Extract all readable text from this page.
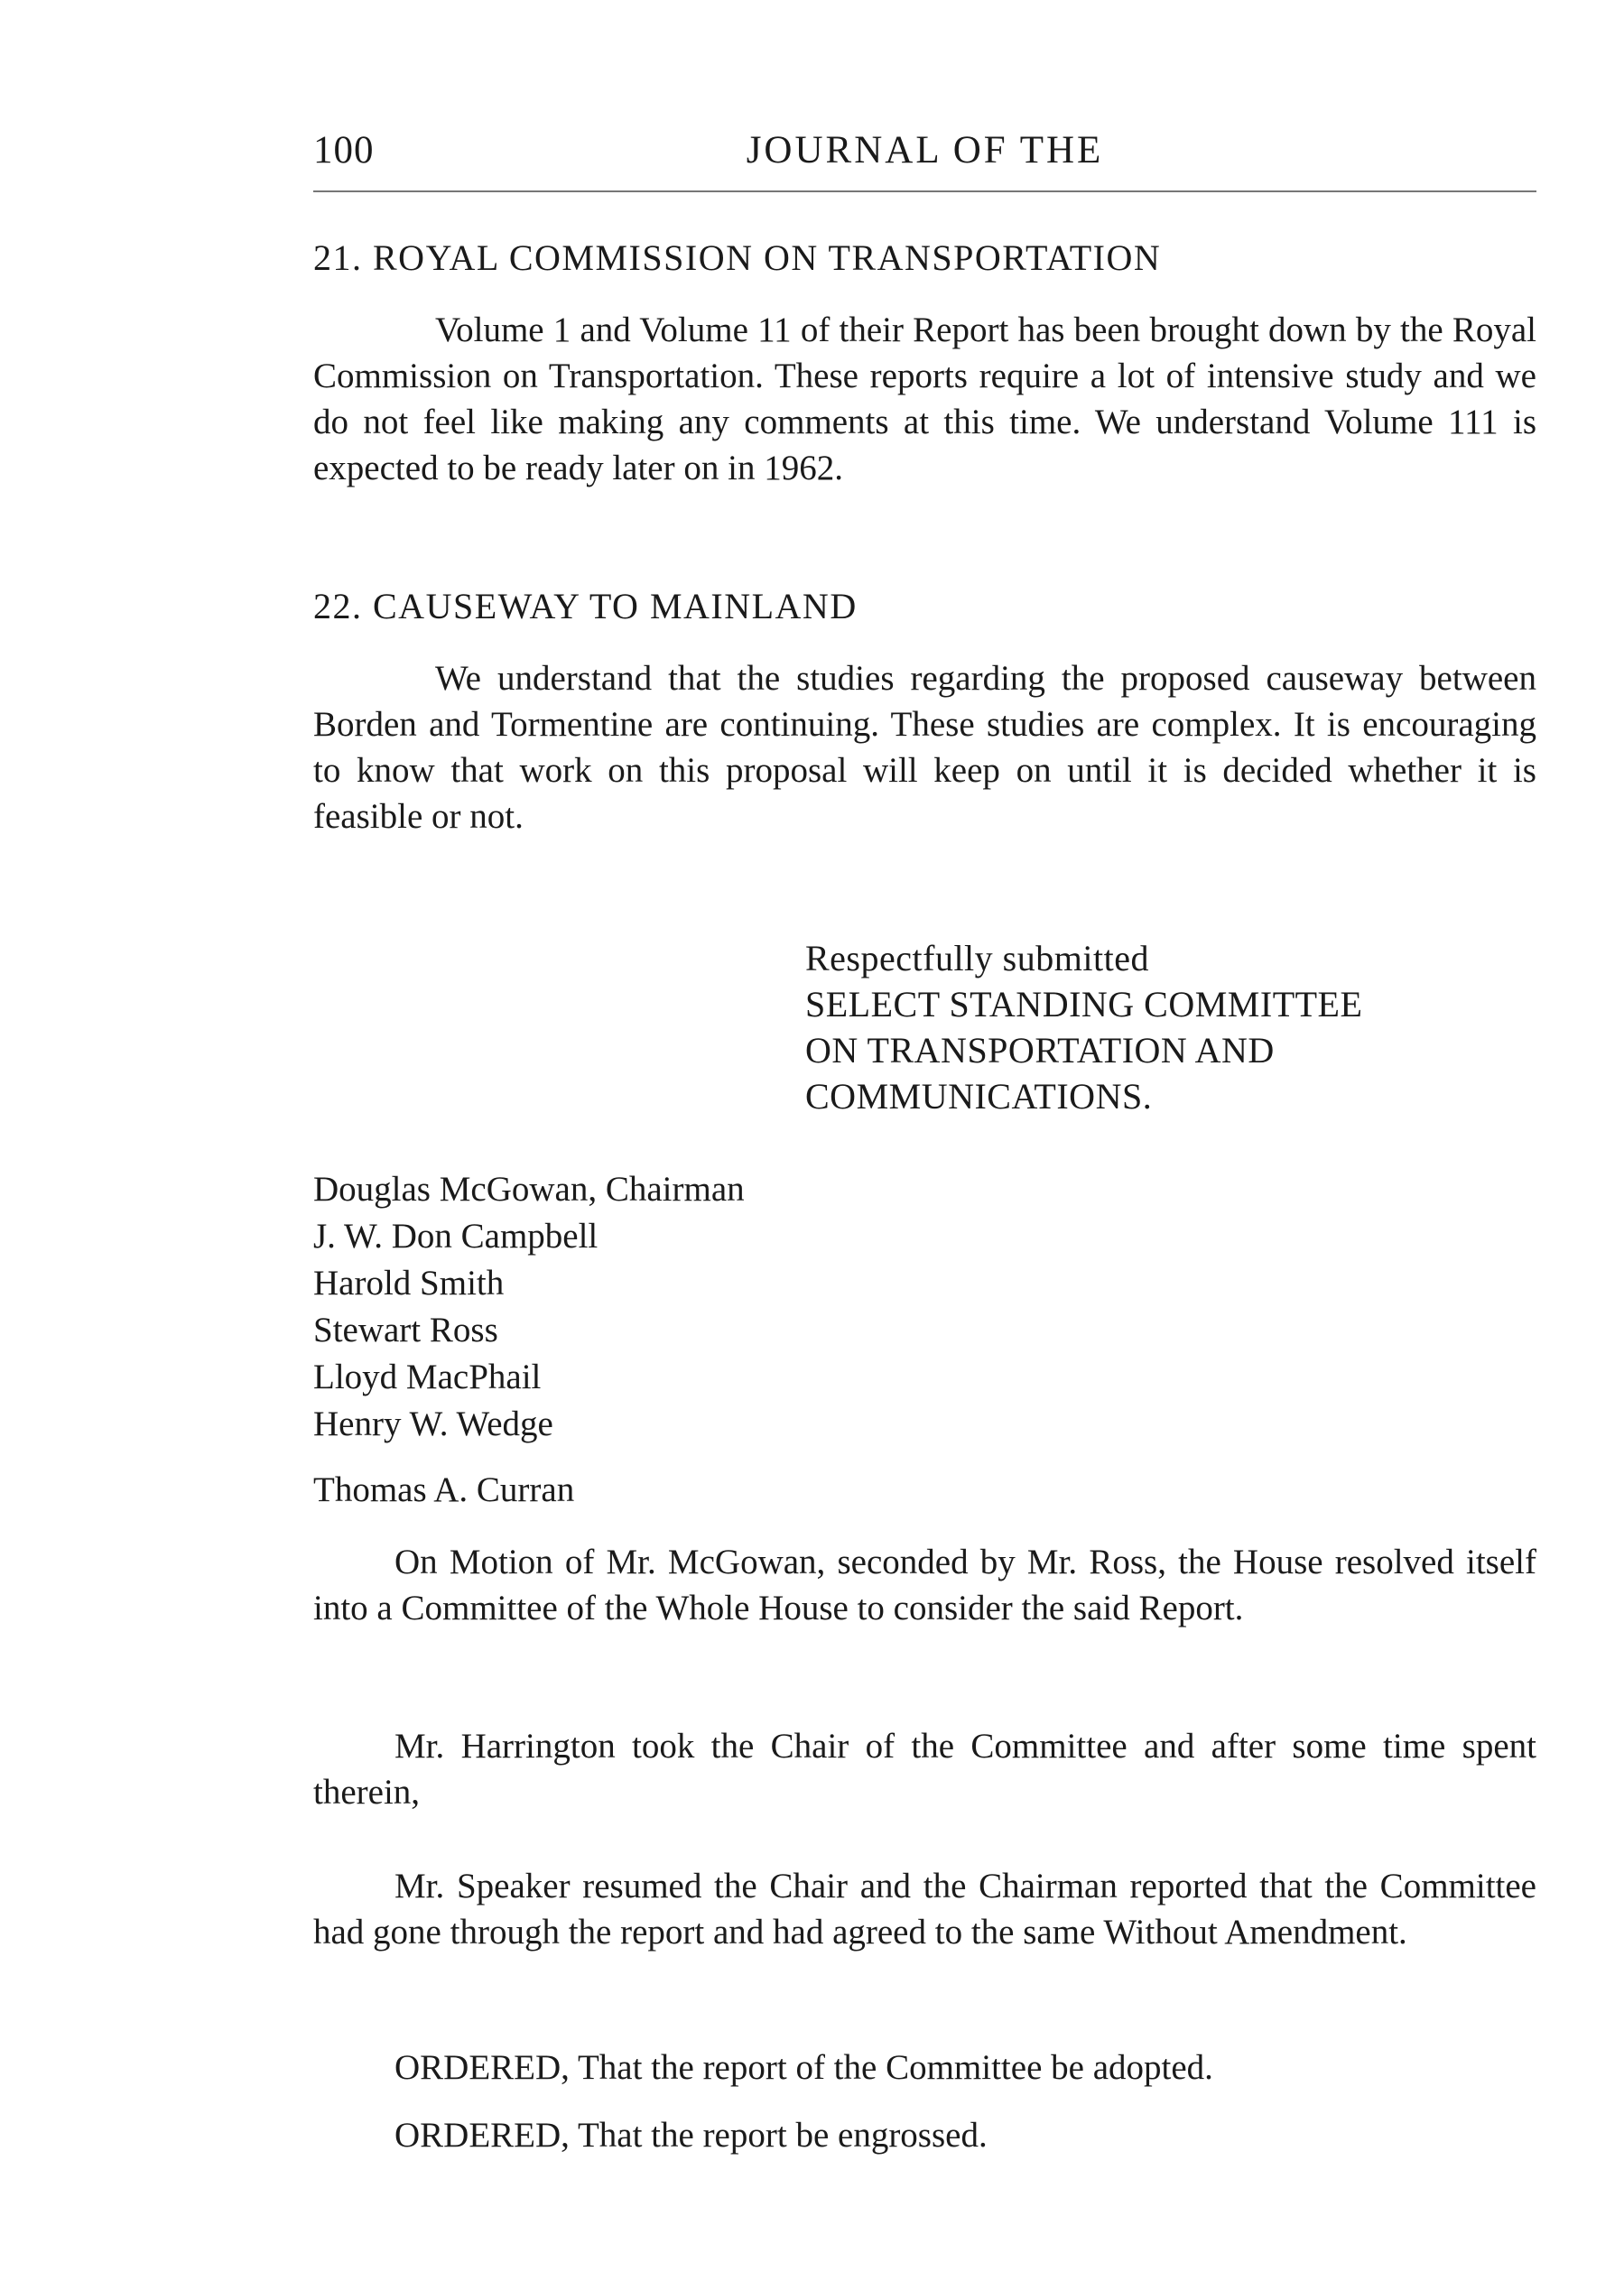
100	JOURNAL OF THE
21. ROYAL COMMISSION ON TRANSPORTATION

Volume 1 and Volume 11 of their Report has been brought down by the Royal Commission on Transportation. These reports require a lot of intensive study and we do not feel like making any comments at this time. We understand Volume 111 is expected to be ready later on in 1962.

22. CAUSEWAY TO MAINLAND

We understand that the studies regarding the proposed causeway between Borden and Tormentine are continuing. These studies are complex. It is encouraging to know that work on this proposal will keep on until it is decided whether it is feasible or not.

Respectfully submitted
SELECT STANDING COMMITTEE
ON TRANSPORTATION AND
COMMUNICATIONS.
Douglas McGowan, Chairman
J. W. Don Campbell
Harold Smith
Stewart Ross
Lloyd MacPhail
Henry W. Wedge
Thomas A. Curran

On Motion of Mr. McGowan, seconded by Mr. Ross, the House resolved itself into a Committee of the Whole House to consider the said Report.

Mr. Harrington took the Chair of the Committee and after some time spent therein,

Mr. Speaker resumed the Chair and the Chairman reported that the Committee had gone through the report and had agreed to the same Without Amendment.

ORDERED, That the report of the Committee be adopted.
ORDERED, That the report be engrossed.
